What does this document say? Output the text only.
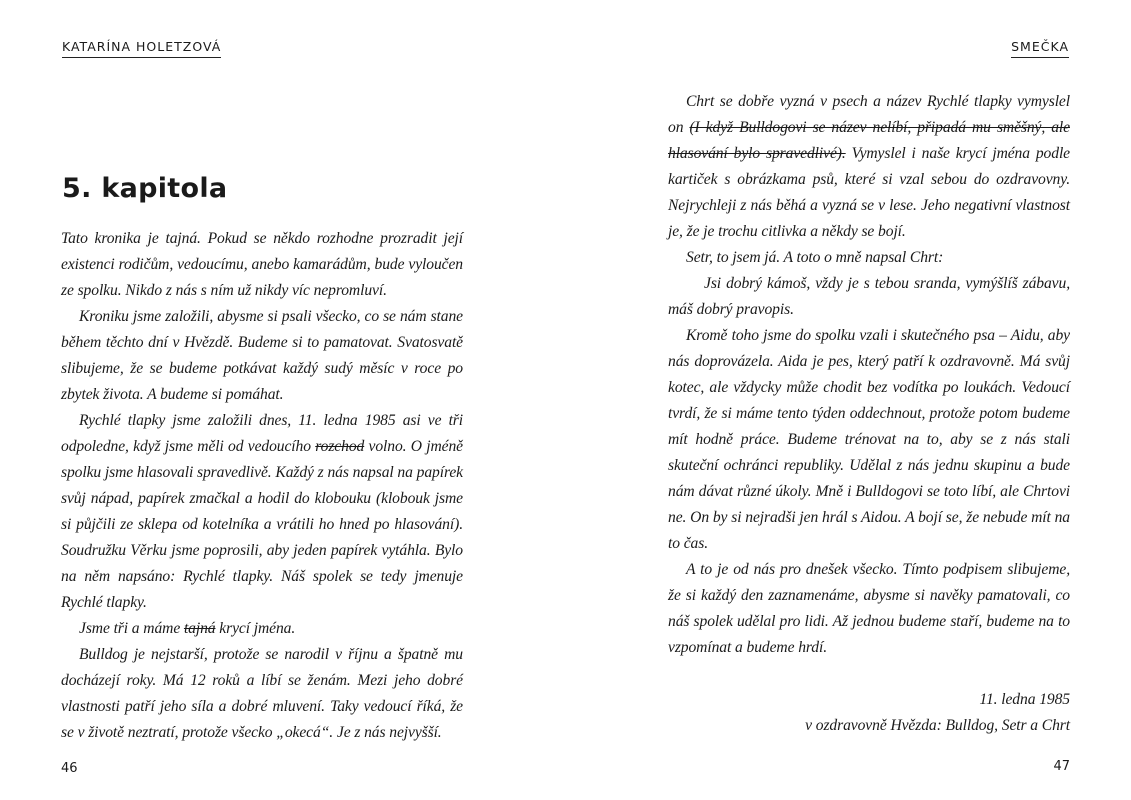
KATARÍNA HOLETZOVÁ
5. kapitola

Tato kronika je tajná. Pokud se někdo rozhodne prozradit její existenci rodičům, vedoucímu, anebo kamarádům, bude vyloučen ze spolku. Nikdo z nás s ním už nikdy víc nepromluví.

Kroniku jsme založili, abysme si psali všecko, co se nám stane během těchto dní v Hvězdě. Budeme si to pamatovat. Svatosvatě slibujeme, že se budeme potkávat každý sudý měsíc v roce po zbytek života. A budeme si pomáhat.

Rychlé tlapky jsme založili dnes, 11. ledna 1985 asi ve tři odpoledne, když jsme měli od vedoucího rozchod volno. O jméně spolku jsme hlasovali spravedlivě. Každý z nás napsal na papírek svůj nápad, papírek zmačkal a hodil do klobouku (klobouk jsme si půjčili ze sklepa od kotelníka a vrátili ho hned po hlasování). Soudružku Věrku jsme poprosili, aby jeden papírek vytáhla. Bylo na něm napsáno: Rychlé tlapky. Náš spolek se tedy jmenuje Rychlé tlapky.

Jsme tři a máme tajná krycí jména.

Bulldog je nejstarší, protože se narodil v říjnu a špatně mu docházejí roky. Má 12 roků a líbí se ženám. Mezi jeho dobré vlastnosti patří jeho síla a dobré mluvení. Taky vedoucí říká, že se v životě neztratí, protože všecko „okecá“. Je z nás nejvyšší.

46
SMEČKA

Chrt se dobře vyzná v psech a název Rychlé tlapky vymyslel on (I když Bulldogovi se název nelíbí, připadá mu směšný, ale hlasování bylo spravedlivé). Vymyslel i naše krycí jména podle kartiček s obrázkama psů, které si vzal sebou do ozdravovny. Nejrychleji z nás běhá a vyzná se v lese. Jeho negativní vlastnost je, že je trochu citlivka a někdy se bojí.

Setr, to jsem já. A toto o mně napsal Chrt:

Jsi dobrý kámoš, vždy je s tebou sranda, vymýšlíš zábavu, máš dobrý pravopis.

Kromě toho jsme do spolku vzali i skutečného psa – Aidu, aby nás doprovázela. Aida je pes, který patří k ozdravovně. Má svůj kotec, ale vždycky může chodit bez vodítka po loukách. Vedoucí tvrdí, že si máme tento týden oddechnout, protože potom budeme mít hodně práce. Budeme trénovat na to, aby se z nás stali skuteční ochránci republiky. Udělal z nás jednu skupinu a bude nám dávat různé úkoly. Mně i Bulldogovi se toto líbí, ale Chrtovi ne. On by si nejradši jen hrál s Aidou. A bojí se, že nebude mít na to čas.

A to je od nás pro dnešek všecko. Tímto podpisem slibujeme, že si každý den zaznamenáme, abysme si navěky pamatovali, co náš spolek udělal pro lidi. Až jednou budeme staří, budeme na to vzpomínat a budeme hrdí.

11. ledna 1985

v ozdravovně Hvězda: Bulldog, Setr a Chrt

47
